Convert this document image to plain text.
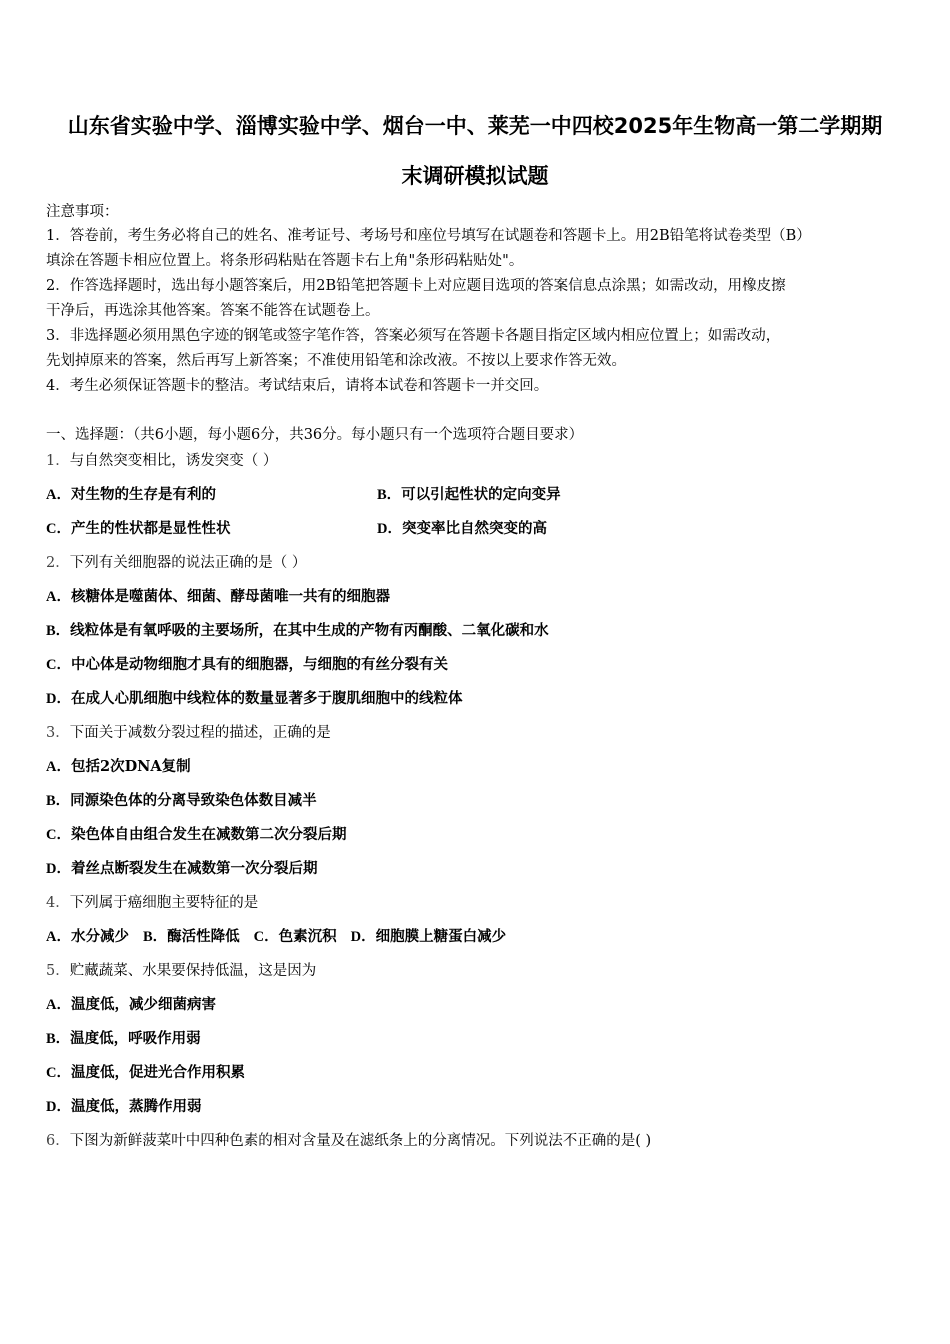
山东省实验中学、淄博实验中学、烟台一中、莱芜一中四校2025年生物高一第二学期期
末调研模拟试题
注意事项：
1．答卷前，考生务必将自己的姓名、准考证号、考场号和座位号填写在试题卷和答题卡上。用2B铅笔将试卷类型（B）
填涂在答题卡相应位置上。将条形码粘贴在答题卡右上角"条形码粘贴处"。
2．作答选择题时，选出每小题答案后，用2B铅笔把答题卡上对应题目选项的答案信息点涂黑；如需改动，用橡皮擦
干净后，再选涂其他答案。答案不能答在试题卷上。
3．非选择题必须用黑色字迹的钢笔或签字笔作答，答案必须写在答题卡各题目指定区域内相应位置上；如需改动，
先划掉原来的答案，然后再写上新答案；不准使用铅笔和涂改液。不按以上要求作答无效。
4．考生必须保证答题卡的整洁。考试结束后，请将本试卷和答题卡一并交回。
一、选择题：（共6小题，每小题6分，共36分。每小题只有一个选项符合题目要求）
1．与自然突变相比，诱发突变（ ）
A．对生物的生存是有利的	B．可以引起性状的定向变异
C．产生的性状都是显性性状	D．突变率比自然突变的高
2．下列有关细胞器的说法正确的是（ ）
A．核糖体是噬菌体、细菌、酵母菌唯一共有的细胞器
B．线粒体是有氧呼吸的主要场所，在其中生成的产物有丙酮酸、二氧化碳和水
C．中心体是动物细胞才具有的细胞器，与细胞的有丝分裂有关
D．在成人心肌细胞中线粒体的数量显著多于腹肌细胞中的线粒体
3．下面关于减数分裂过程的描述，正确的是
A．包括2次DNA复制
B．同源染色体的分离导致染色体数目减半
C．染色体自由组合发生在减数第二次分裂后期
D．着丝点断裂发生在减数第一次分裂后期
4．下列属于癌细胞主要特征的是
A．水分减少 B．酶活性降低 C．色素沉积 D．细胞膜上糖蛋白减少
5．贮藏蔬菜、水果要保持低温，这是因为
A．温度低，减少细菌病害
B．温度低，呼吸作用弱
C．温度低，促进光合作用积累
D．温度低，蒸腾作用弱
6．下图为新鲜菠菜叶中四种色素的相对含量及在滤纸条上的分离情况。下列说法不正确的是( )
